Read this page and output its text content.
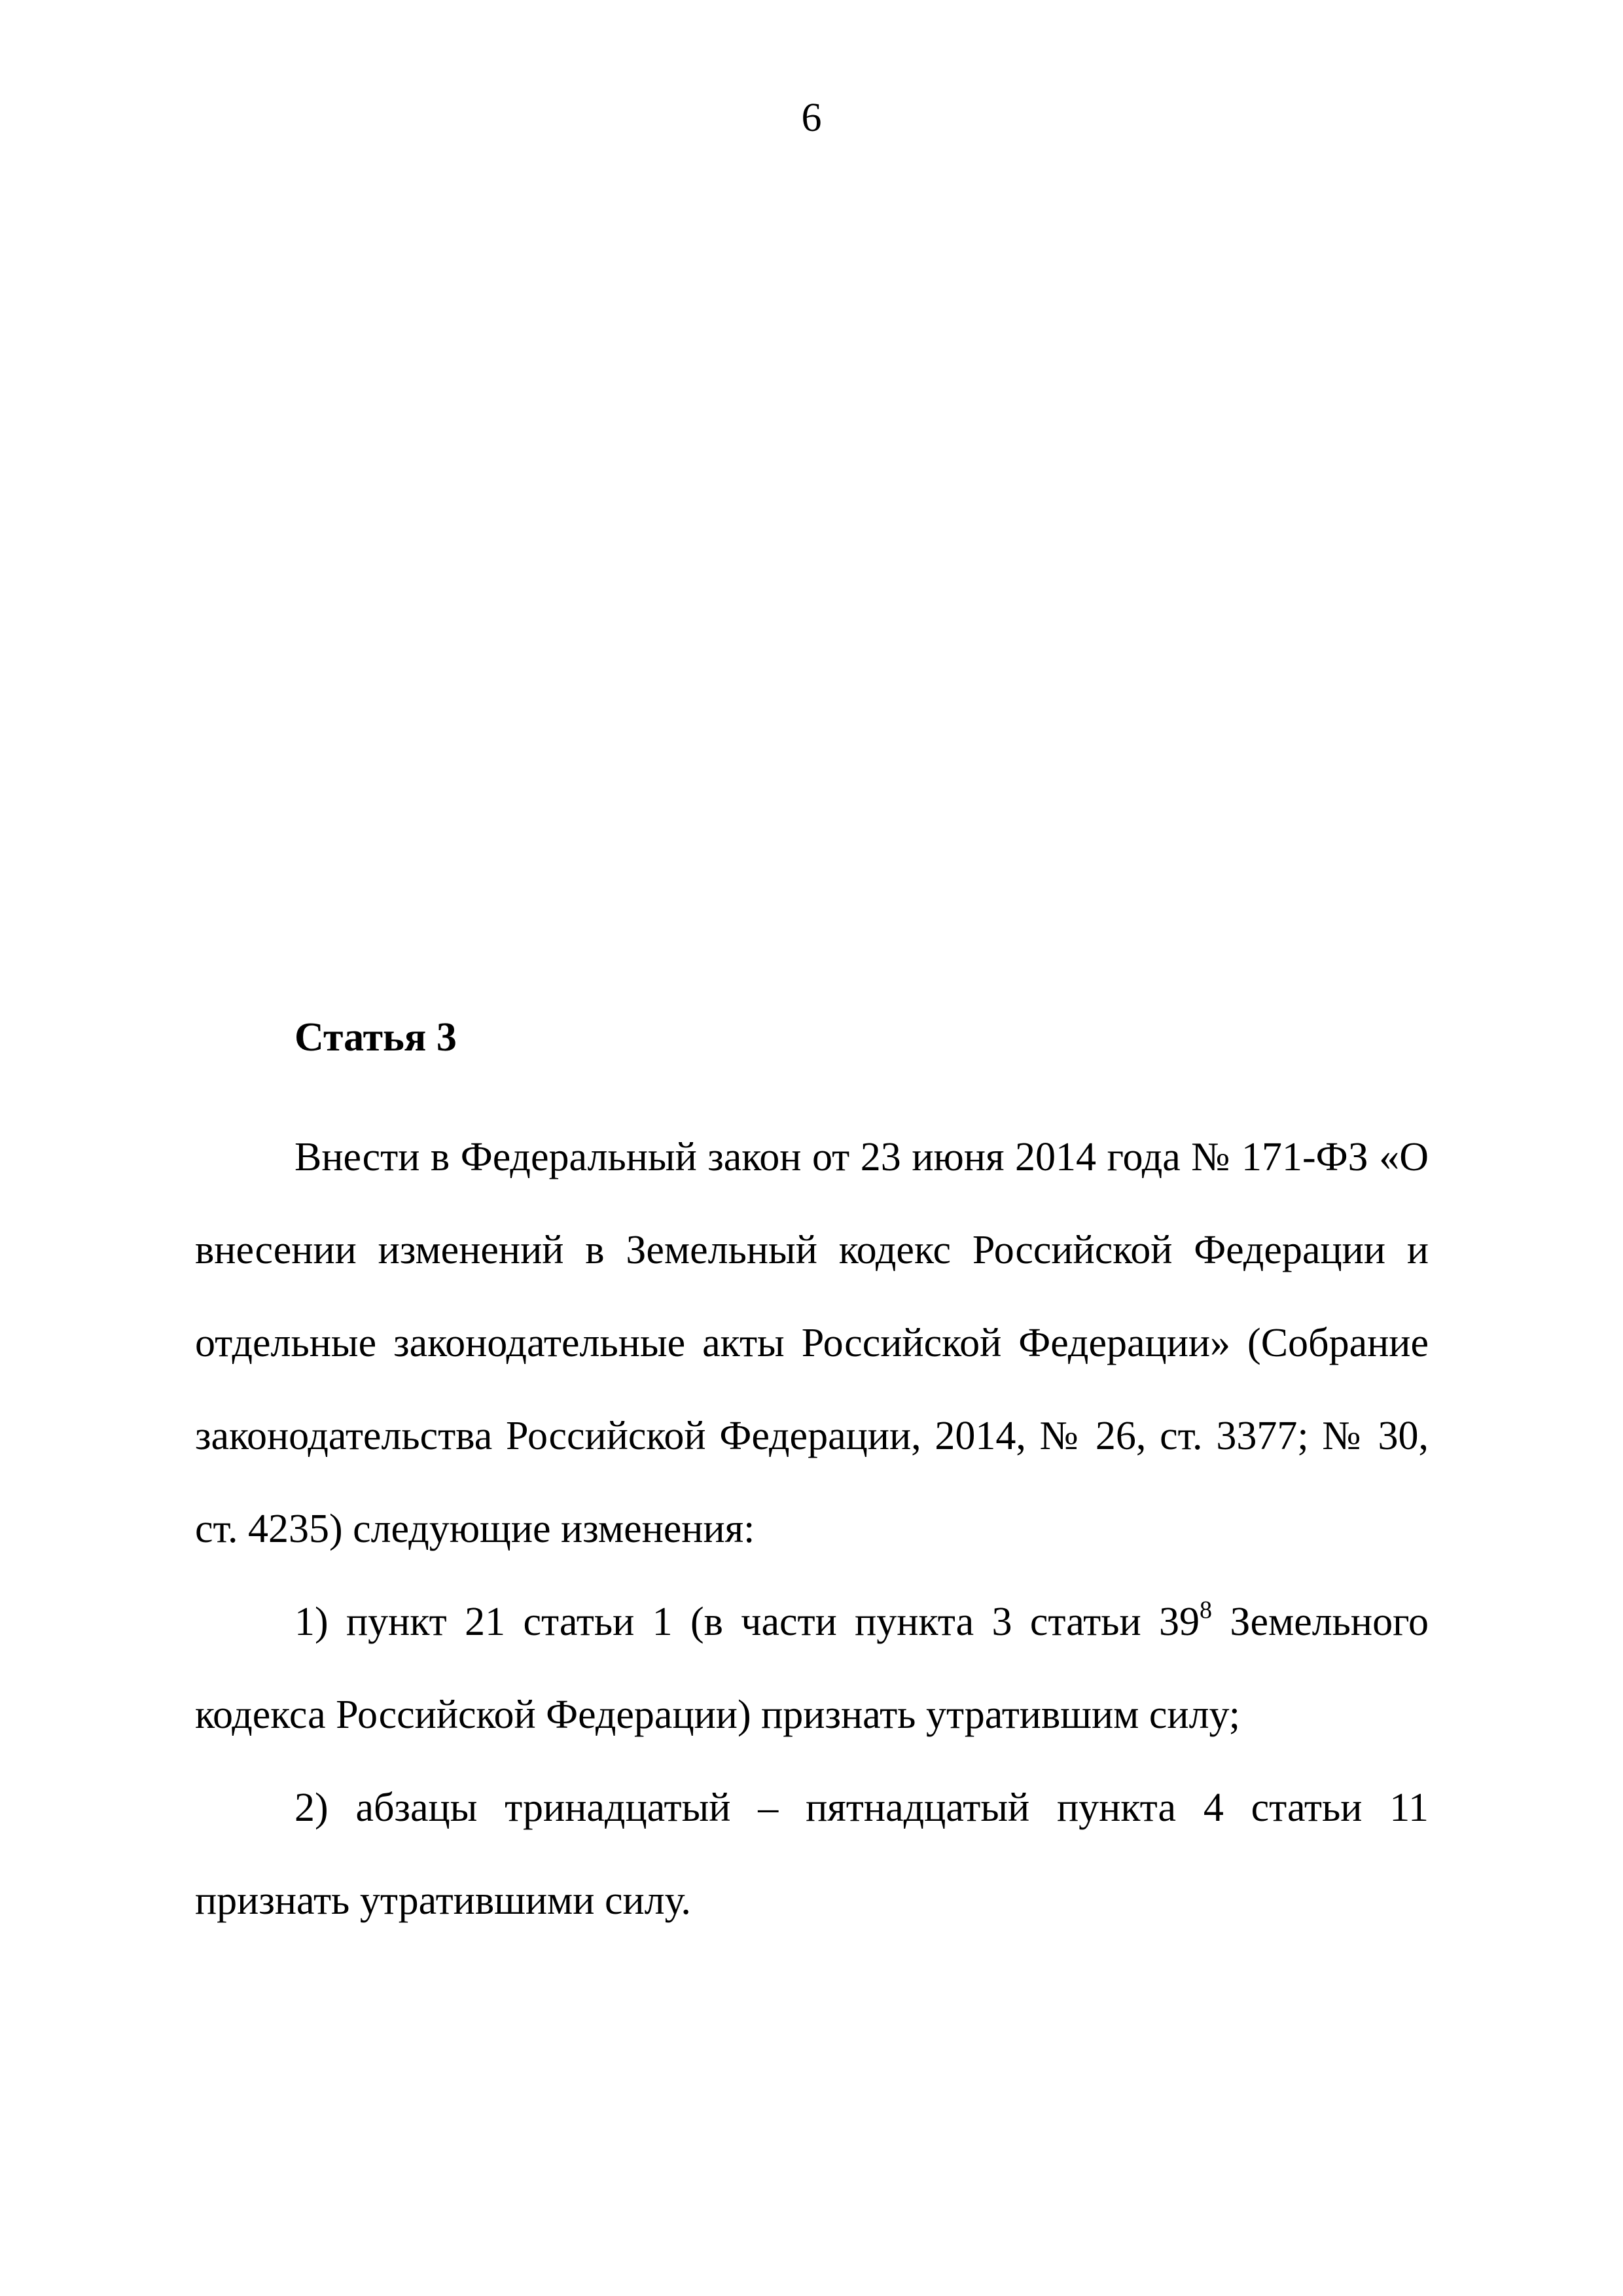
6
Статья 3

Внести в Федеральный закон от 23 июня 2014 года № 171-ФЗ «О внесении изменений в Земельный кодекс Российской Федерации и отдельные законодательные акты Российской Федерации» (Собрание законодательства Российской Федерации, 2014, № 26, ст. 3377; № 30, ст. 4235) следующие изменения:

1) пункт 21 статьи 1 (в части пункта 3 статьи $39^8$ Земельного кодекса Российской Федерации) признать утратившим силу;

2) абзацы тринадцатый – пятнадцатый пункта 4 статьи 11 признать утратившими силу.
